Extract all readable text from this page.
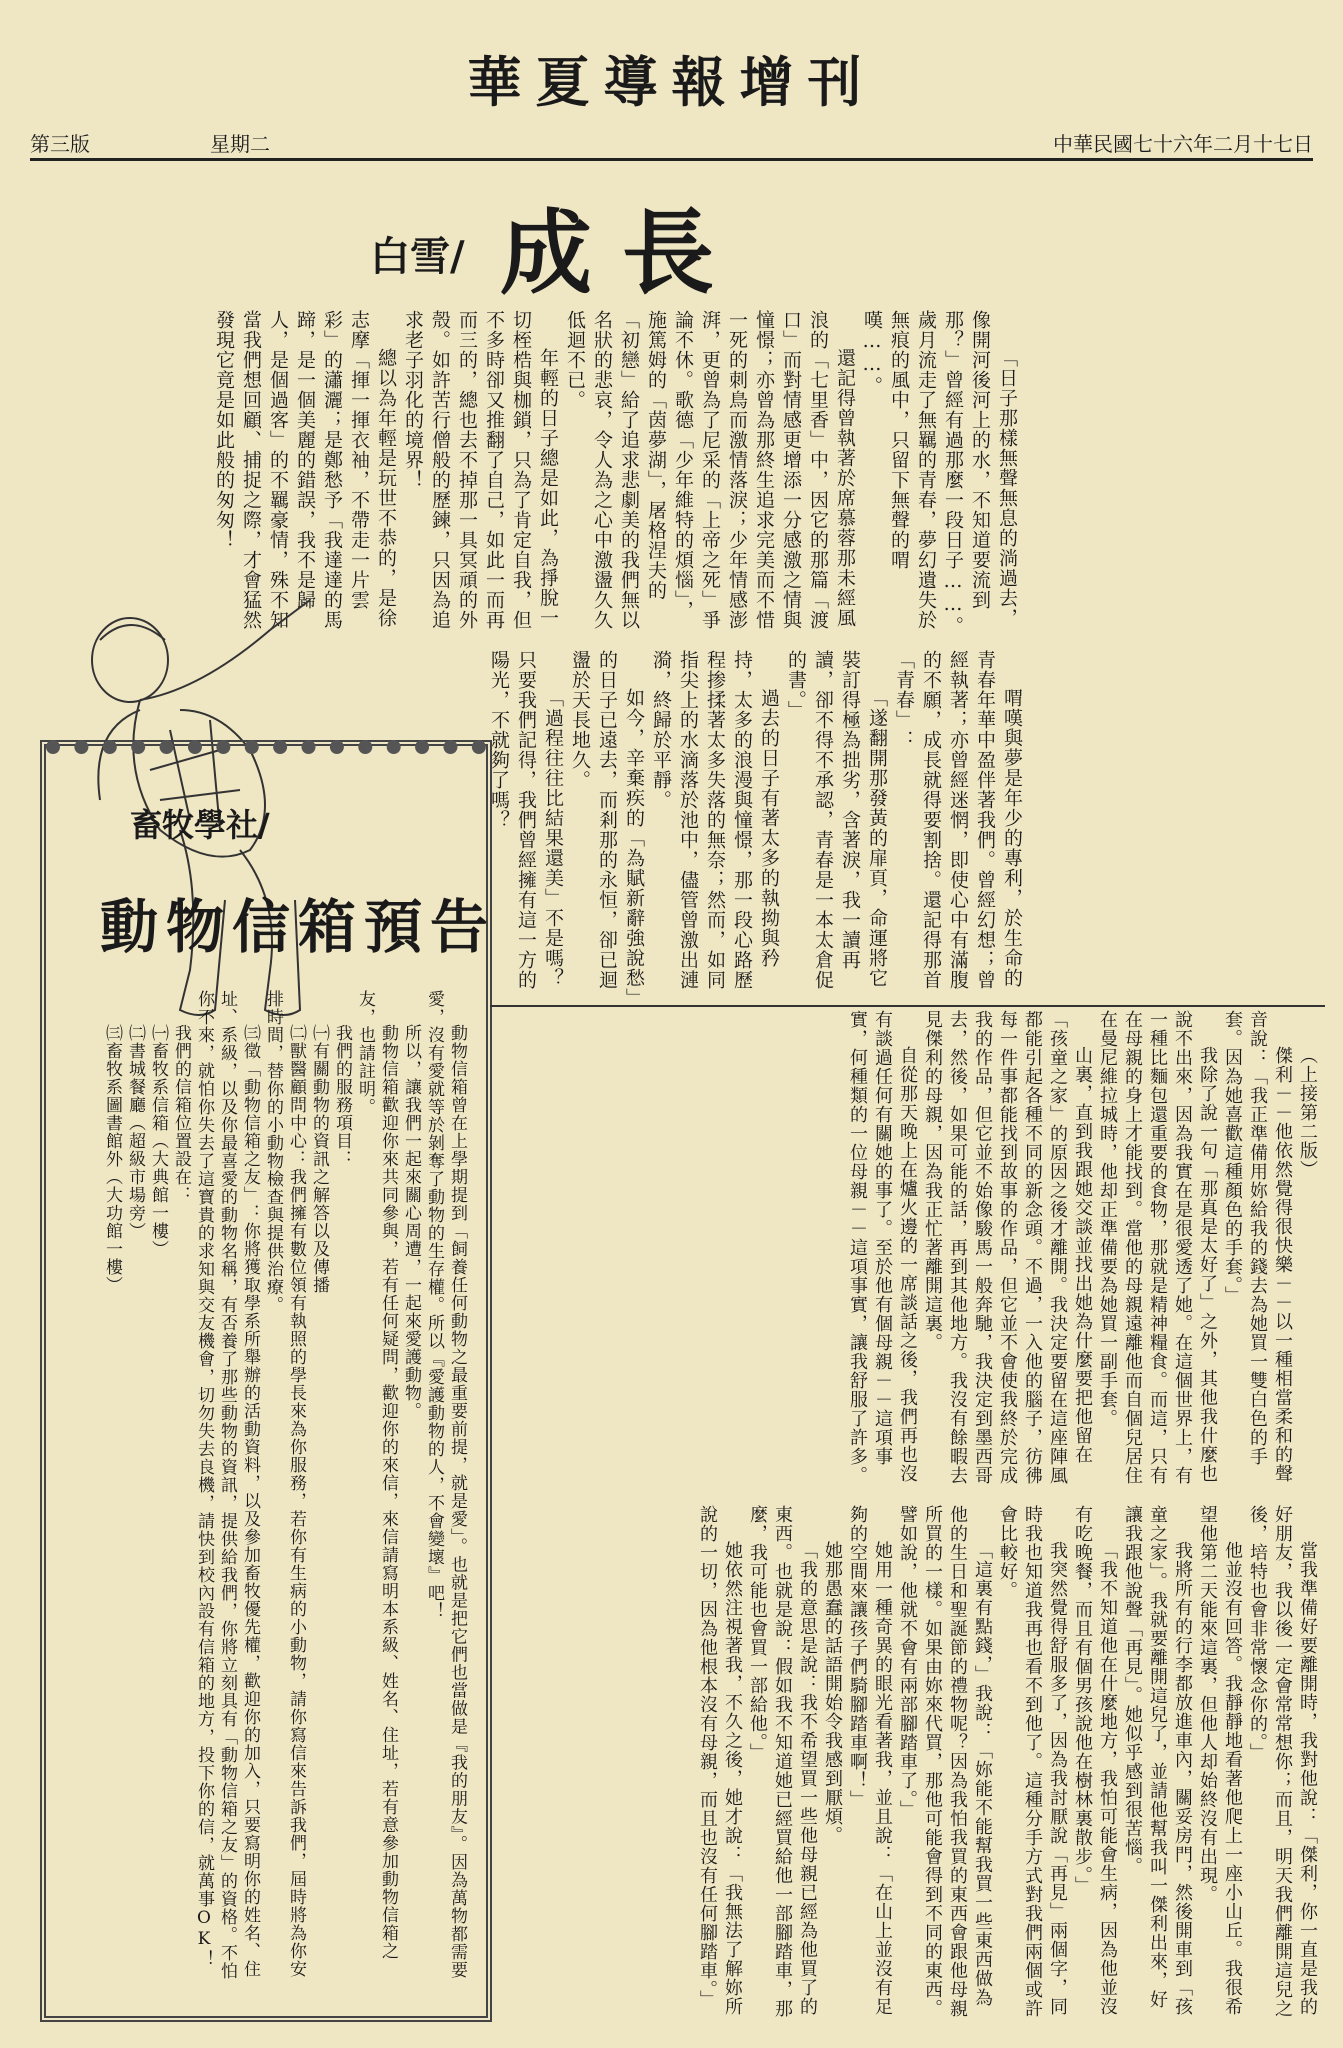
華夏導報增刊
第三版	星期二	中華民國七十六年二月十七日
成長
白雪/

「日子那樣無聲無息的淌過去，像開河後河上的水，不知道要流到那？」曾經有過那麼一段日子……。歲月流走了無羈的青春，夢幻遺失於無痕的風中，只留下無聲的喟嘆……。

還記得曾執著於席慕蓉那未經風浪的「七里香」中，因它的那篇「渡口」而對情感更增添一分感激之情與憧憬；亦曾為那終生追求完美而不惜一死的刺鳥而激情落淚；少年情感澎湃，更曾為了尼采的「上帝之死」爭論不休。歌德「少年維特的煩惱」，施篤姆的「茵夢湖」，屠格涅夫的「初戀」給了追求悲劇美的我們無以名狀的悲哀，令人為之心中激盪久久低迴不已。

年輕的日子總是如此，為掙脫一切桎梏與枷鎖，只為了肯定自我，但不多時卻又推翻了自己，如此一而再而三的，總也去不掉那一具冥頑的外殼。如許苦行僧般的歷鍊，只因為追求老子羽化的境界！

總以為年輕是玩世不恭的，是徐志摩「揮一揮衣袖，不帶走一片雲彩」的瀟灑；是鄭愁予「我達達的馬蹄，是一個美麗的錯誤，我不是歸人，是個過客」的不羈豪情，殊不知當我們想回顧、捕捉之際，才會猛然發現它竟是如此般的匆匆！

喟嘆與夢是年少的專利，於生命的青春年華中盈伴著我們。曾經幻想；曾經執著；亦曾經迷惘，即使心中有滿腹的不願，成長就得要割捨。還記得那首「青春」：

「遂翻開那發黃的扉頁，命運將它裝訂得極為拙劣，含著淚，我一讀再讀，卻不得不承認，青春是一本太倉促的書。」

過去的日子有著太多的執拗與矜持，太多的浪漫與憧憬，那一段心路歷程掺揉著太多失落的無奈；然而，如同指尖上的水滴落於池中，儘管曾激出漣漪，終歸於平靜。

如今，辛棄疾的「為賦新辭強說愁」的日子已遠去，而剎那的永恒，卻已迴盪於天長地久。

「過程往往比結果還美」不是嗎？只要我們記得，我們曾經擁有這一方的陽光，不就夠了嗎？

畜牧學社/
動物信箱預告

動物信箱曾在上學期提到「飼養任何動物之最重要前提，就是愛」。也就是把它們也當做是『我的朋友』。因為萬物都需要愛，沒有愛就等於剝奪了動物的生存權。所以『愛護動物的人，不會變壞』吧！

所以，讓我們一起來關心周遭，一起來愛護動物。

動物信箱歡迎你來共同參與，若有任何疑問，歡迎你的來信，來信請寫明本系級、姓名、住址，若有意參加動物信箱之友，也請註明。

我們的服務項目：

㈠有關動物的資訊之解答以及傳播

㈡獸醫顧問中心：我們擁有數位領有執照的學長來為你服務，若你有生病的小動物，請你寫信來告訴我們，屆時將為你安排時間，替你的小動物檢查與提供治療。

㈢徵「動物信箱之友」：你將獲取學系所舉辦的活動資料，以及參加畜牧優先權，歡迎你的加入，只要寫明你的姓名、住址、系級，以及你最喜愛的動物名稱，有否養了那些動物的資訊，提供給我們，你將立刻具有「動物信箱之友」的資格。不怕你不來，就怕你失去了這寶貴的求知與交友機會，切勿失去良機，請快到校內設有信箱的地方，投下你的信，就萬事OK！

我們的信箱位置設在：

㈠畜牧系信箱（大典館一樓）

㈡書城餐廳（超級市場旁）

㈢畜牧系圖書館外（大功館一樓）	（上接第二版）

傑利－－他依然覺得很快樂－－以一種相當柔和的聲音說：「我正準備用妳給我的錢去為她買一雙白色的手套。因為她喜歡這種顏色的手套。」

我除了說一句「那真是太好了」之外，其他我什麼也說不出來，因為我實在是很愛透了她。在這個世界上，有一種比麵包還重要的食物，那就是精神糧食。而這，只有在母親的身上才能找到。當他的母親遠離他而自個兒居住在曼尼維拉城時，他却正準備要為她買一副手套。

山裏，直到我跟她交談並找出她為什麼要把他留在「孩童之家」的原因之後才離開。我決定要留在這座陣風都能引起各種不同的新念頭。不過，一入他的腦子，彷彿每一件事都能找到故事的作品，但它並不會使我終於完成我的作品，但它並不始像駿馬一般奔馳，我決定到墨西哥去，然後，如果可能的話，再到其他地方。我沒有餘暇去見傑利的母親，因為我正忙著離開這裏。

自從那天晚上在爐火邊的一席談話之後，我們再也沒有談過任何有關她的事了。至於他有個母親－－這項事實，何種類的一位母親－－這項事實，讓我舒服了許多。

當我準備好要離開時，我對他說：「傑利，你一直是我的好朋友，我以後一定會常常想你；而且，明天我們離開這兒之後，培特也會非常懷念你的。」

他並沒有回答。我靜靜地看著他爬上一座小山丘。我很希望他第二天能來這裏，但他人却始終沒有出現。

我將所有的行李都放進車內，關妥房門，然後開車到「孩童之家」。我就要離開這兒了，並請他幫我叫一傑利出來，好讓我跟他說聲「再見」。她似乎感到很苦惱。

「我不知道他在什麼地方，我怕可能會生病，因為他並沒有吃晚餐，而且有個男孩說他在樹林裏散步。」

我突然覺得舒服多了，因為我討厭說「再見」兩個字，同時我也知道我再也看不到他了。這種分手方式對我們兩個或許會比較好。

「這裏有點錢，」我說：「妳能不能幫我買一些東西做為他的生日和聖誕節的禮物呢？因為我怕我買的東西會跟他母親所買的一樣。如果由妳來代買，那他可能會得到不同的東西。譬如說，他就不會有兩部腳踏車了。」

她用一種奇異的眼光看著我，並且說：「在山上並沒有足夠的空間來讓孩子們騎腳踏車啊！」

她那愚蠢的話語開始令我感到厭煩。

「我的意思是說：我不希望買一些他母親已經為他買了的東西。也就是說：假如我不知道她已經買給他一部腳踏車，那麼，我可能也會買一部給他。」

她依然注視著我，不久之後，她才說：「我無法了解妳所說的一切，因為他根本沒有母親，而且也沒有任何腳踏車。」
